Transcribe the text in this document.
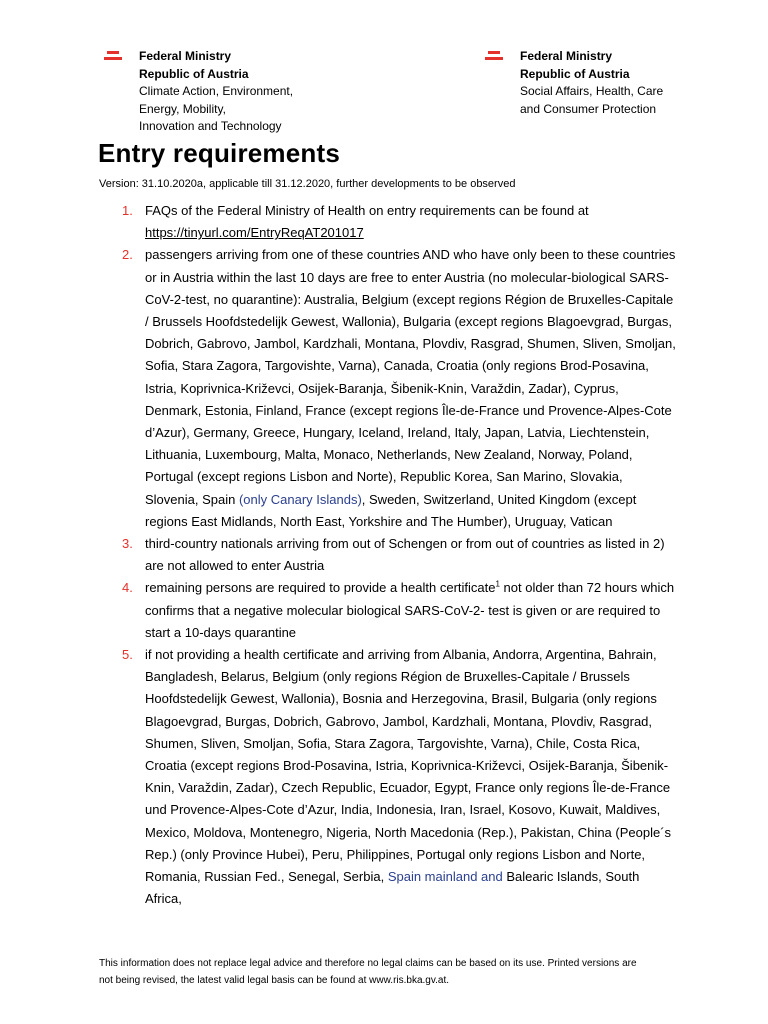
Federal Ministry
Republic of Austria
Climate Action, Environment,
Energy, Mobility,
Innovation and Technology
Federal Ministry
Republic of Austria
Social Affairs, Health, Care
and Consumer Protection
Entry requirements
Version: 31.10.2020a, applicable till 31.12.2020, further developments to be observed
1. FAQs of the Federal Ministry of Health on entry requirements can be found at
https://tinyurl.com/EntryReqAT201017
2. passengers arriving from one of these countries AND who have only been to these countries or in Austria within the last 10 days are free to enter Austria (no molecular-biological SARS-CoV-2-test, no quarantine): Australia, Belgium (except regions Région de Bruxelles-Capitale / Brussels Hoofdstedelijk Gewest, Wallonia), Bulgaria (except regions Blagoevgrad, Burgas, Dobrich, Gabrovo, Jambol, Kardzhali, Montana, Plovdiv, Rasgrad, Shumen, Sliven, Smoljan, Sofia, Stara Zagora, Targovishte, Varna), Canada, Croatia (only regions Brod-Posavina, Istria, Koprivnica-Križevci, Osijek-Baranja, Šibenik-Knin, Varaždin, Zadar), Cyprus, Denmark, Estonia, Finland, France (except regions Île-de-France und Provence-Alpes-Cote d’Azur), Germany, Greece, Hungary, Iceland, Ireland, Italy, Japan, Latvia, Liechtenstein, Lithuania, Luxembourg, Malta, Monaco, Netherlands, New Zealand, Norway, Poland, Portugal (except regions Lisbon and Norte), Republic Korea, San Marino, Slovakia, Slovenia, Spain (only Canary Islands), Sweden, Switzerland, United Kingdom (except regions East Midlands, North East, Yorkshire and The Humber), Uruguay, Vatican
3. third-country nationals arriving from out of Schengen or from out of countries as listed in 2) are not allowed to enter Austria
4. remaining persons are required to provide a health certificate$^1$ not older than 72 hours which confirms that a negative molecular biological SARS-CoV-2- test is given or are required to start a 10-days quarantine
5. if not providing a health certificate and arriving from Albania, Andorra, Argentina, Bahrain, Bangladesh, Belarus, Belgium (only regions Région de Bruxelles-Capitale / Brussels Hoofdstedelijk Gewest, Wallonia), Bosnia and Herzegovina, Brasil, Bulgaria (only regions Blagoevgrad, Burgas, Dobrich, Gabrovo, Jambol, Kardzhali, Montana, Plovdiv, Rasgrad, Shumen, Sliven, Smoljan, Sofia, Stara Zagora, Targovishte, Varna), Chile, Costa Rica, Croatia (except regions Brod-Posavina, Istria, Koprivnica-Križevci, Osijek-Baranja, Šibenik-Knin, Varaždin, Zadar), Czech Republic, Ecuador, Egypt, France only regions Île-de-France und Provence-Alpes-Cote d’Azur, India, Indonesia, Iran, Israel, Kosovo, Kuwait, Maldives, Mexico, Moldova, Montenegro, Nigeria, North Macedonia (Rep.), Pakistan, China (People´s Rep.) (only Province Hubei), Peru, Philippines, Portugal only regions Lisbon and Norte, Romania, Russian Fed., Senegal, Serbia, Spain mainland and Balearic Islands, South Africa,
This information does not replace legal advice and therefore no legal claims can be based on its use. Printed versions are
not being revised, the latest valid legal basis can be found at www.ris.bka.gv.at.
